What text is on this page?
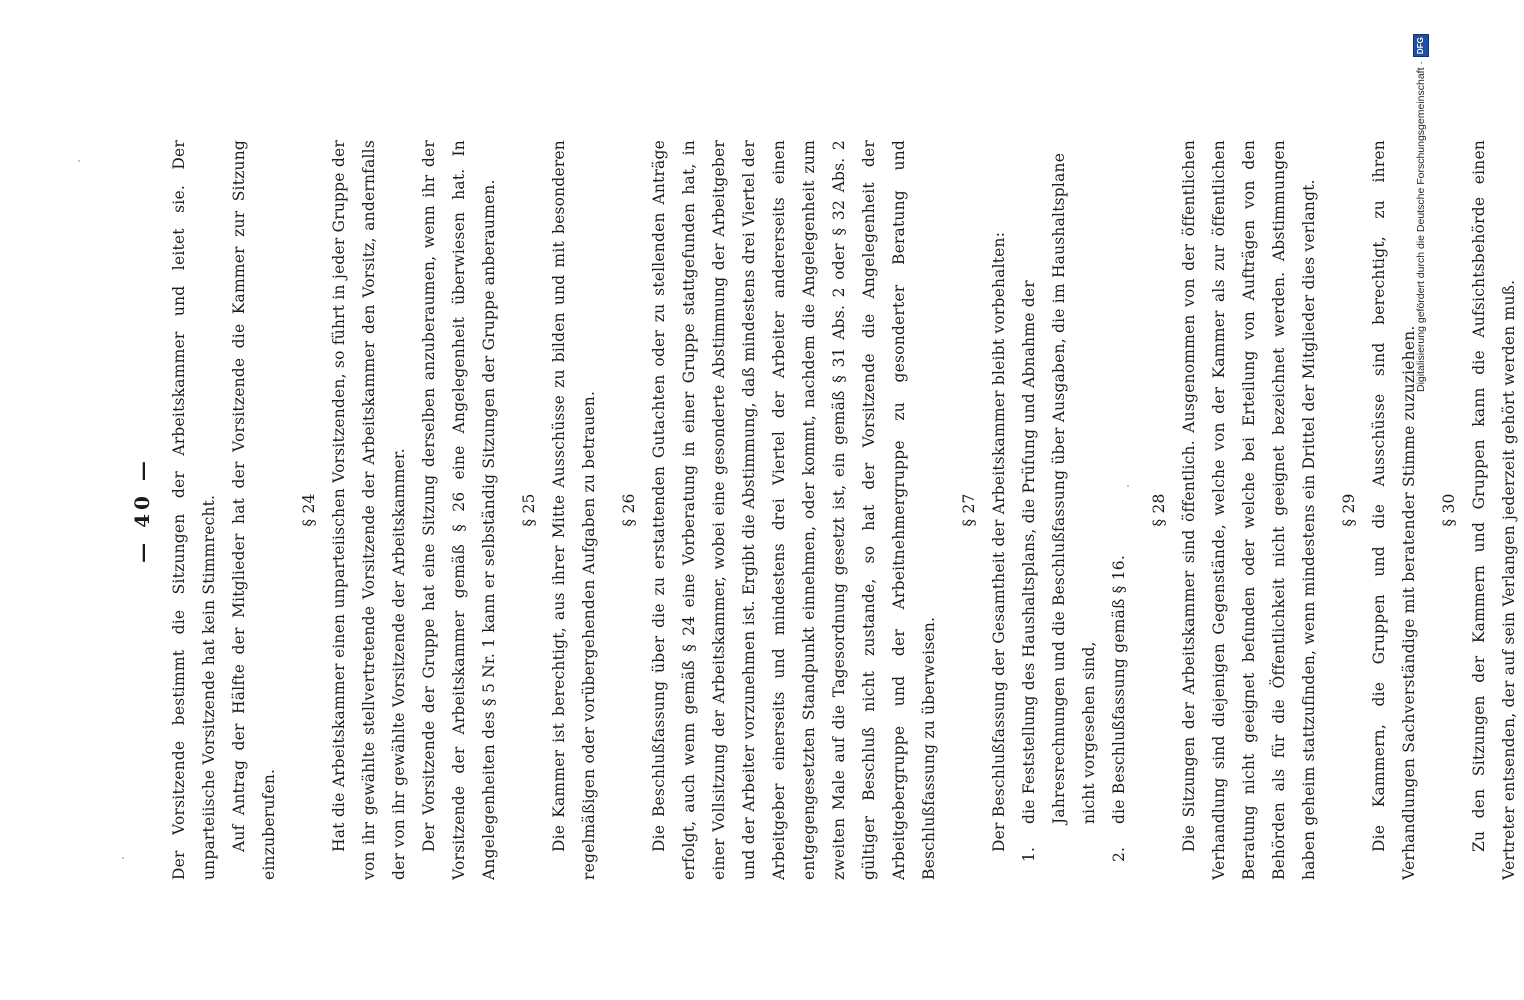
— 40 —	Der Vorsitzende bestimmt die Sitzungen der Arbeitskammer und leitet sie. Der unparteiische Vorsitzende hat kein Stimmrecht. Auf Antrag der Hälfte der Mitglieder hat der Vorsitzende die Kammer zur Sitzung einzuberufen.

§ 24 Hat die Arbeitskammer einen unparteiischen Vorsitzenden, so führt in jeder Gruppe der von ihr gewählte stellvertretende Vorsitzende der Arbeitskammer den Vorsitz, andernfalls der von ihr gewählte Vorsitzende der Arbeitskammer. Der Vorsitzende der Gruppe hat eine Sitzung derselben anzuberaumen, wenn ihr der Vorsitzende der Arbeitskammer gemäß § 26 eine Angelegenheit überwiesen hat. In Angelegenheiten des § 5 Nr. 1 kann er selbständig Sitzungen der Gruppe anberaumen.	§ 25 Die Kammer ist berechtigt, aus ihrer Mitte Ausschüsse zu bilden und mit besonderen regelmäßigen oder vorübergehenden Aufgaben zu betrauen.	§ 26 Die Beschlußfassung über die zu erstattenden Gutachten oder zu stellenden Anträge erfolgt, auch wenn gemäß § 24 eine Vorberatung in einer Gruppe stattgefunden hat, in einer Vollsitzung der Arbeitskammer, wobei eine gesonderte Abstimmung der Arbeitgeber und der Arbeiter vorzunehmen ist. Ergibt die Abstimmung, daß mindestens drei Viertel der Arbeitgeber einerseits und mindestens drei Viertel der Arbeiter andererseits einen entgegengesetzten Standpunkt einnehmen, oder kommt, nachdem die Angelegenheit zum zweiten Male auf die Tagesordnung gesetzt ist, ein gemäß § 31 Abs. 2 oder § 32 Abs. 2 gültiger Beschluß nicht zustande, so hat der Vorsitzende die Angelegenheit der Arbeitgebergruppe und der Arbeitnehmergruppe zu gesonderter Beratung und Beschlußfassung zu überweisen.

§ 27 Der Beschlußfassung der Gesamtheit der Arbeitskammer bleibt vorbehalten:

1.
die Feststellung des Haushaltsplans, die Prüfung und Abnahme der Jahresrechnungen und die Beschlußfassung über Ausgaben, die im Haushaltsplane nicht vorgesehen sind,
2.
die Beschlußfassung gemäß § 16.
§ 28 Die Sitzungen der Arbeitskammer sind öffentlich. Ausgenommen von der öffentlichen Verhandlung sind diejenigen Gegenstände, welche von der Kammer als zur öffentlichen Beratung nicht geeignet befunden oder welche bei Erteilung von Aufträgen von den Behörden als für die Öffentlichkeit nicht geeignet bezeichnet werden. Abstimmungen haben geheim stattzufinden, wenn mindestens ein Drittel der Mitglieder dies verlangt.	§ 29 Die Kammern, die Gruppen und die Ausschüsse sind berechtigt, zu ihren Verhandlungen Sachverständige mit beratender Stimme zuzuziehen.	§ 30 Zu den Sitzungen der Kammern und Gruppen kann die Aufsichtsbehörde einen Vertreter entsenden, der auf sein Verlangen jederzeit gehört werden muß.

Digitalisierung gefördert durch die Deutsche Forschungsgemeinschaft ·
DFG
